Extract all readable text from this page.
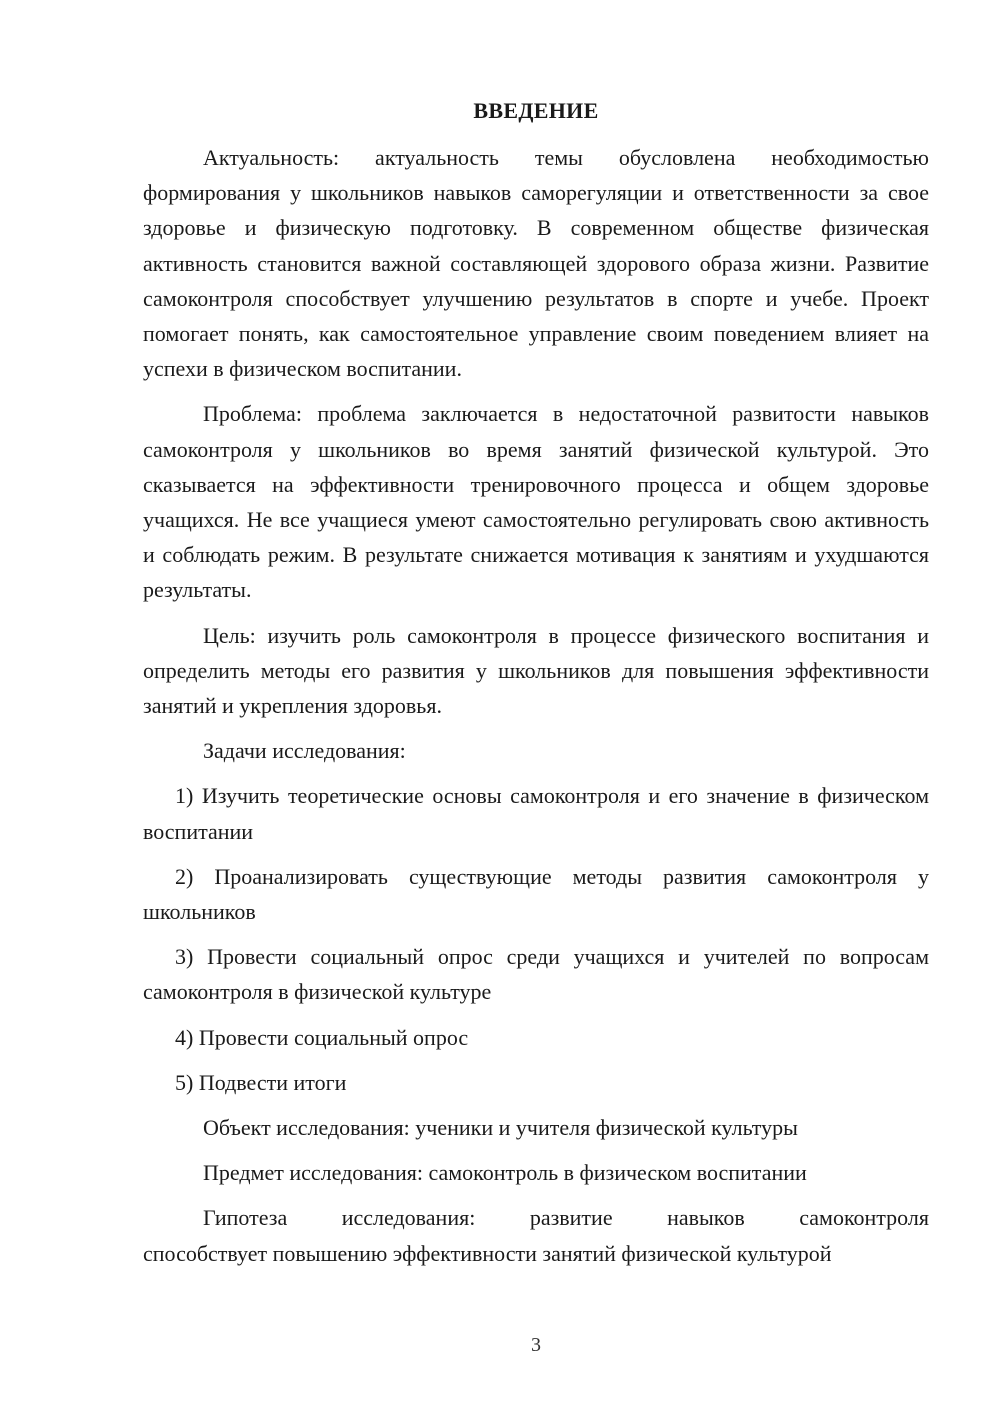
ВВЕДЕНИЕ

Актуальность: актуальность темы обусловлена необходимостью формирования у школьников навыков саморегуляции и ответственности за свое здоровье и физическую подготовку. В современном обществе физическая активность становится важной составляющей здорового образа жизни. Развитие самоконтроля способствует улучшению результатов в спорте и учебе. Проект помогает понять, как самостоятельное управление своим поведением влияет на успехи в физическом воспитании.

Проблема: проблема заключается в недостаточной развитости навыков самоконтроля у школьников во время занятий физической культурой. Это сказывается на эффективности тренировочного процесса и общем здоровье учащихся. Не все учащиеся умеют самостоятельно регулировать свою активность и соблюдать режим. В результате снижается мотивация к занятиям и ухудшаются результаты.

Цель: изучить роль самоконтроля в процессе физического воспитания и определить методы его развития у школьников для повышения эффективности занятий и укрепления здоровья.

Задачи исследования:

1) Изучить теоретические основы самоконтроля и его значение в физическом воспитании

2) Проанализировать существующие методы развития самоконтроля у школьников

3) Провести социальный опрос среди учащихся и учителей по вопросам самоконтроля в физической культуре

4) Провести социальный опрос

5) Подвести итоги

Объект исследования: ученики и учителя физической культуры

Предмет исследования: самоконтроль в физическом воспитании

Гипотеза исследования: развитие навыков самоконтроля

способствует повышению эффективности занятий физической культурой

3
